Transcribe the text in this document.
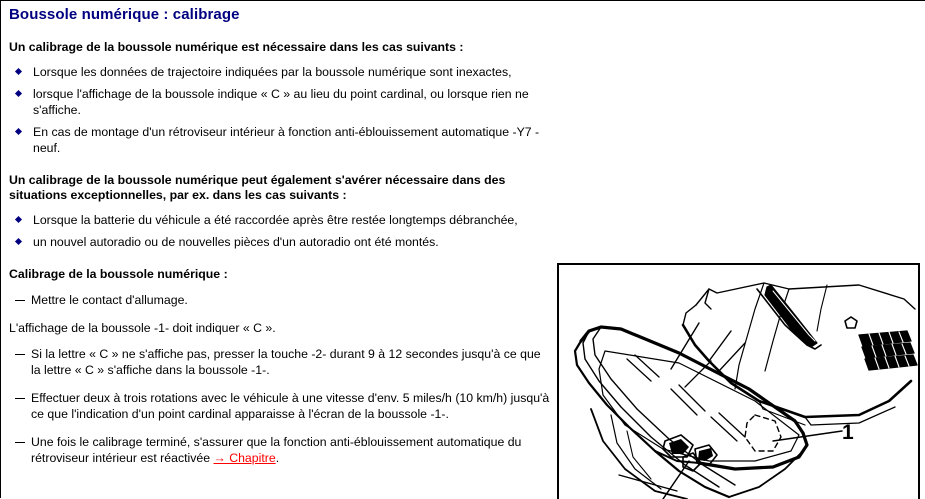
Boussole numérique : calibrage
Un calibrage de la boussole numérique est nécessaire dans les cas suivants :
Lorsque les données de trajectoire indiquées par la boussole numérique sont inexactes,
lorsque l'affichage de la boussole indique « C » au lieu du point cardinal, ou lorsque rien ne s'affiche.
En cas de montage d'un rétroviseur intérieur à fonction anti-éblouissement automatique -Y7 - neuf.
Un calibrage de la boussole numérique peut également s'avérer nécessaire dans des situations exceptionnelles, par ex. dans les cas suivants :
Lorsque la batterie du véhicule a été raccordée après être restée longtemps débranchée,
un nouvel autoradio ou de nouvelles pièces d'un autoradio ont été montés.
Calibrage de la boussole numérique :
Mettre le contact d'allumage.
L'affichage de la boussole -1- doit indiquer « C ».
Si la lettre « C » ne s'affiche pas, presser la touche -2- durant 9 à 12 secondes jusqu'à ce que la lettre « C » s'affiche dans la boussole -1-.
Effectuer deux à trois rotations avec le véhicule à une vitesse d'env. 5 miles/h (10 km/h) jusqu'à ce que l'indication d'un point cardinal apparaisse à l'écran de la boussole -1-.
Une fois le calibrage terminé, s'assurer que la fonction anti-éblouissement automatique du rétroviseur intérieur est réactivée → Chapitre.
1
